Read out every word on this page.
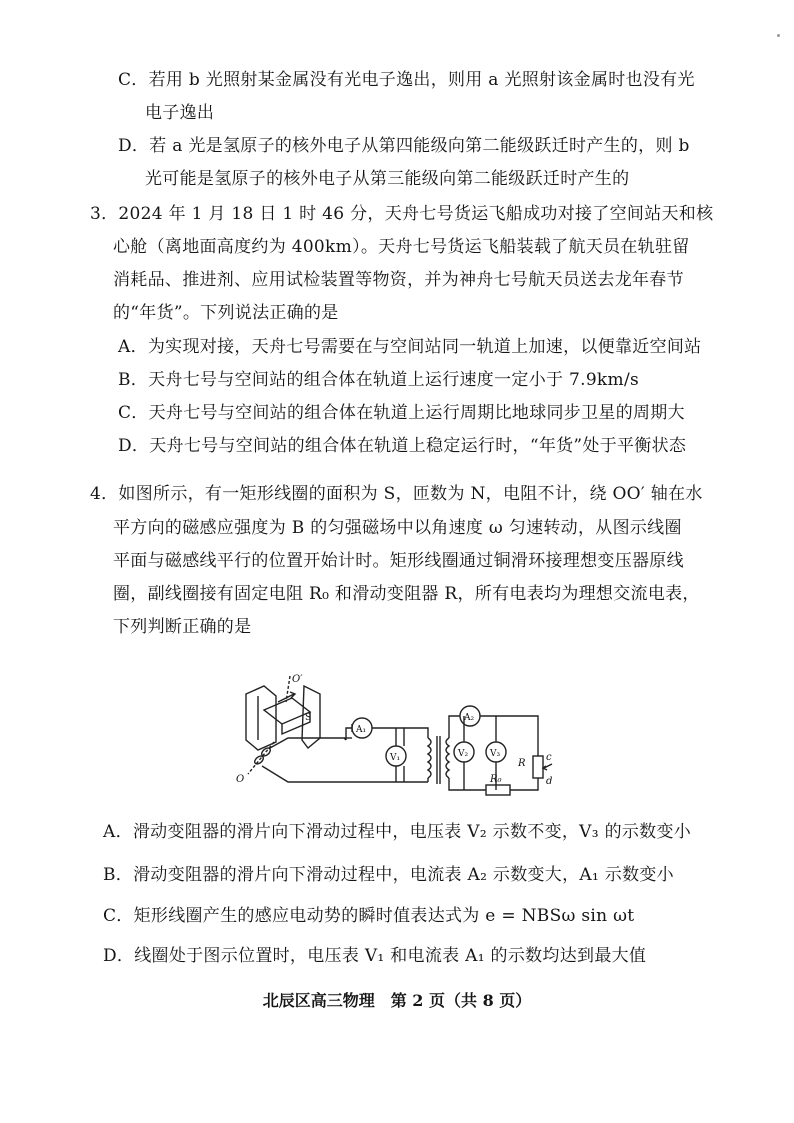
C．若用 b 光照射某金属没有光电子逸出，则用 a 光照射该金属时也没有光
电子逸出
D．若 a 光是氢原子的核外电子从第四能级向第二能级跃迁时产生的，则 b
光可能是氢原子的核外电子从第三能级向第二能级跃迁时产生的
3．2024 年 1 月 18 日 1 时 46 分，天舟七号货运飞船成功对接了空间站天和核
心舱（离地面高度约为 400km）。天舟七号货运飞船装载了航天员在轨驻留
消耗品、推进剂、应用试检装置等物资，并为神舟七号航天员送去龙年春节
的“年货”。下列说法正确的是
A．为实现对接，天舟七号需要在与空间站同一轨道上加速，以便靠近空间站
B．天舟七号与空间站的组合体在轨道上运行速度一定小于 7.9km/s
C．天舟七号与空间站的组合体在轨道上运行周期比地球同步卫星的周期大
D．天舟七号与空间站的组合体在轨道上稳定运行时，“年货”处于平衡状态
4．如图所示，有一矩形线圈的面积为 S，匝数为 N，电阻不计，绕 OO′ 轴在水
平方向的磁感应强度为 B 的匀强磁场中以角速度 ω 匀速转动，从图示线圈
平面与磁感线平行的位置开始计时。矩形线圈通过铜滑环接理想变压器原线
圈，副线圈接有固定电阻 R₀ 和滑动变阻器 R，所有电表均为理想交流电表，
下列判断正确的是
O′
O
S
A₁
A₂
V₁	V₂ V₃
R₀
R
c
d
A．滑动变阻器的滑片向下滑动过程中，电压表 V₂ 示数不变，V₃ 的示数变小
B．滑动变阻器的滑片向下滑动过程中，电流表 A₂ 示数变大，A₁ 示数变小
C．矩形线圈产生的感应电动势的瞬时值表达式为 e = NBSω sin ωt
D．线圈处于图示位置时，电压表 V₁ 和电流表 A₁ 的示数均达到最大值
北辰区高三物理　第 2 页（共 8 页）
